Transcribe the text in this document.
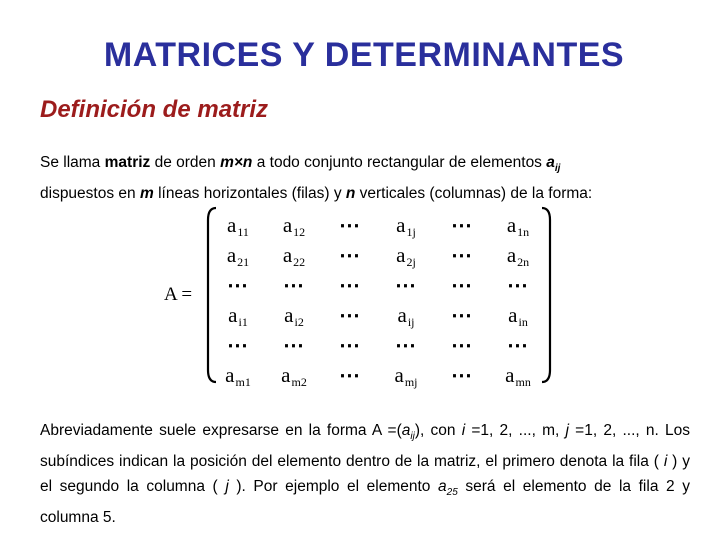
MATRICES Y DETERMINANTES
Definición de matriz
Se llama matriz de orden m×n a todo conjunto rectangular de elementos $a_{ij}$
dispuestos en m líneas horizontales (filas) y n verticales (columnas) de la forma:
A =
$a_{11}$	$a_{12}$	⋯	$a_{1j}$	⋯	$a_{1n}$
$a_{21}$	$a_{22}$	⋯	$a_{2j}$	⋯	$a_{2n}$
⋯	⋯	⋯	⋯	⋯	⋯
$a_{i1}$	$a_{i2}$	⋯	$a_{ij}$	⋯	$a_{in}$
⋯	⋯	⋯	⋯	⋯	⋯
$a_{m1}$	$a_{m2}$	⋯	$a_{mj}$	⋯	$a_{mn}$
Abreviadamente suele expresarse en la forma $A =(a_{ij})$, con i =1, 2, ..., m, j =1, 2, ..., n. Los subíndices indican la posición del elemento dentro de la matriz, el primero denota la fila ( i ) y el segundo la columna ( j ). Por ejemplo el elemento $a_{25}$ será el elemento de la fila 2 y columna 5.
